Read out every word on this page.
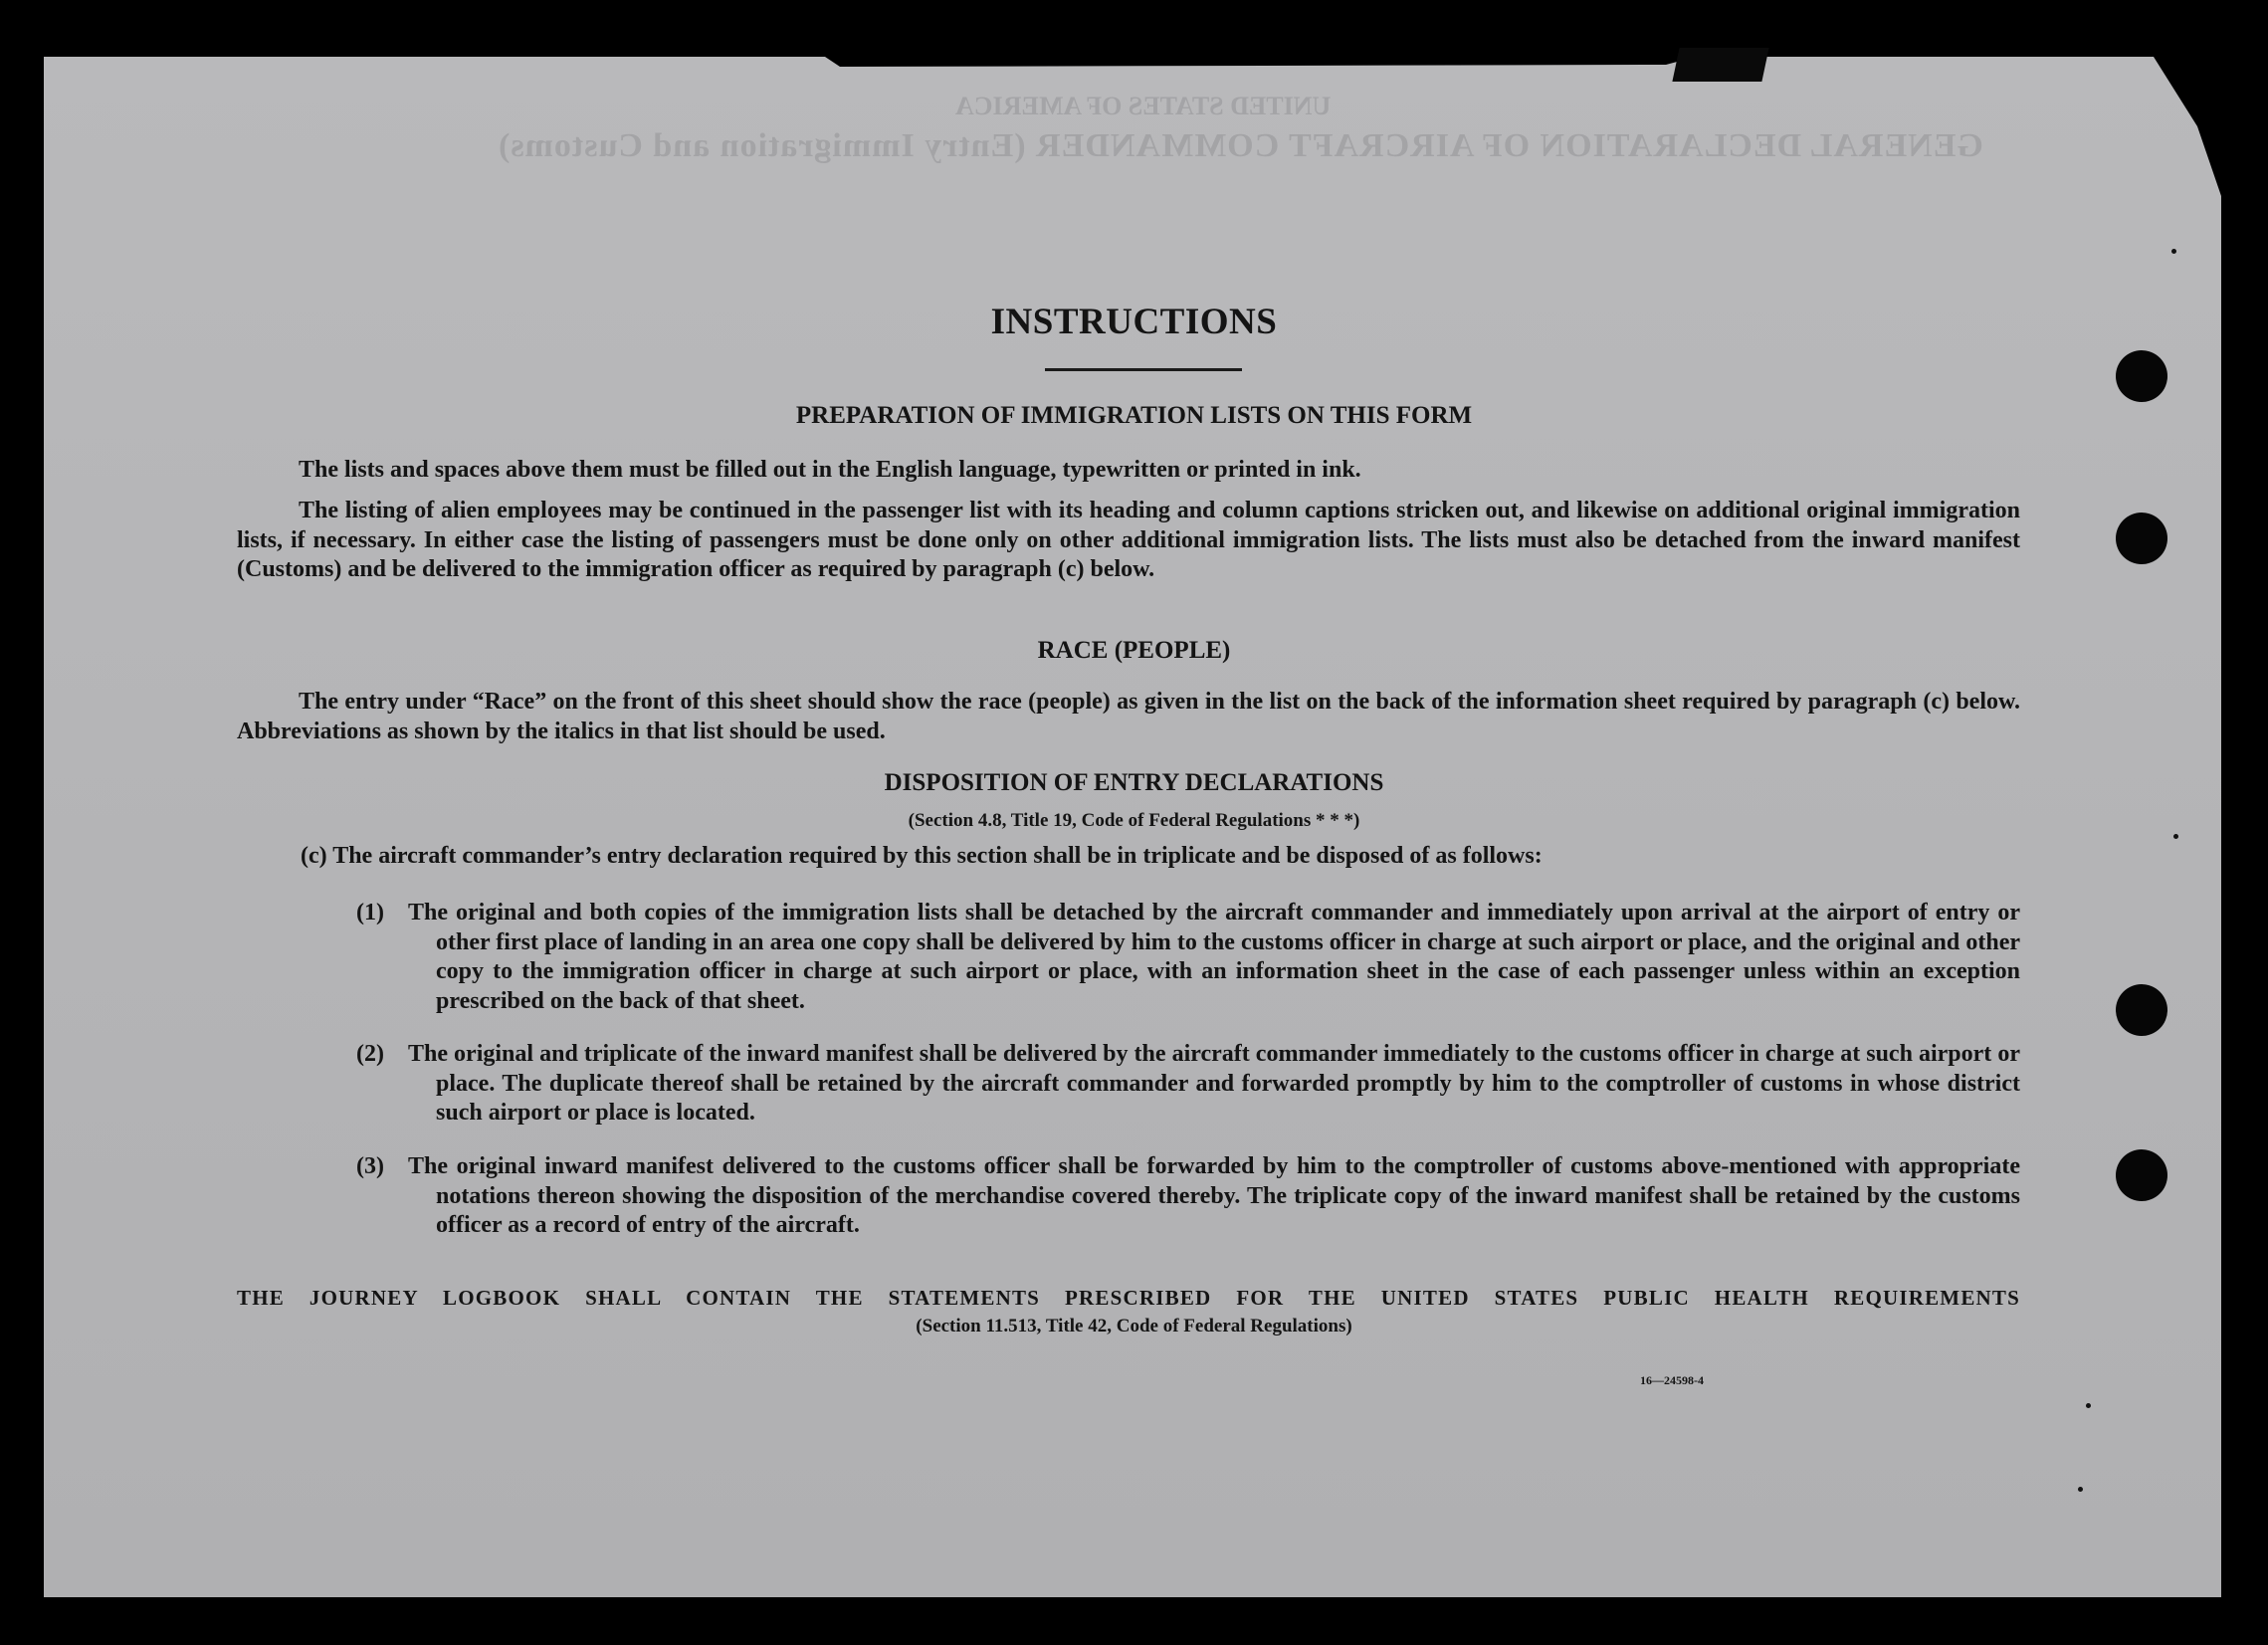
UNITED STATES OF AMERICA
GENERAL DECLARATION OF AIRCRAFT COMMANDER (Entry Immigration and Customs)
INSTRUCTIONS
PREPARATION OF IMMIGRATION LISTS ON THIS FORM
The lists and spaces above them must be filled out in the English language, typewritten or printed in ink.
The listing of alien employees may be continued in the passenger list with its heading and column captions stricken out, and likewise on additional original immigration lists, if necessary. In either case the listing of passengers must be done only on other additional immigration lists. The lists must also be detached from the inward manifest (Customs) and be delivered to the immigration officer as required by paragraph (c) below.
RACE (PEOPLE)
The entry under “Race” on the front of this sheet should show the race (people) as given in the list on the back of the information sheet required by paragraph (c) below. Abbreviations as shown by the italics in that list should be used.
DISPOSITION OF ENTRY DECLARATIONS
(Section 4.8, Title 19, Code of Federal Regulations * * *)
(c) The aircraft commander’s entry declaration required by this section shall be in triplicate and be disposed of as follows:
(1) The original and both copies of the immigration lists shall be detached by the aircraft commander and immediately upon arrival at the airport of entry or other first place of landing in an area one copy shall be delivered by him to the customs officer in charge at such airport or place, and the original and other copy to the immigration officer in charge at such airport or place, with an information sheet in the case of each passenger unless within an exception prescribed on the back of that sheet.
(2) The original and triplicate of the inward manifest shall be delivered by the aircraft commander immediately to the customs officer in charge at such airport or place. The duplicate thereof shall be retained by the aircraft commander and forwarded promptly by him to the comptroller of customs in whose district such airport or place is located.
(3) The original inward manifest delivered to the customs officer shall be forwarded by him to the comptroller of customs above-mentioned with appropriate notations thereon showing the disposition of the merchandise covered thereby. The triplicate copy of the inward manifest shall be retained by the customs officer as a record of entry of the aircraft.
THE JOURNEY LOGBOOK SHALL CONTAIN THE STATEMENTS PRESCRIBED FOR THE UNITED STATES PUBLIC HEALTH REQUIREMENTS
(Section 11.513, Title 42, Code of Federal Regulations)
16—24598-4
